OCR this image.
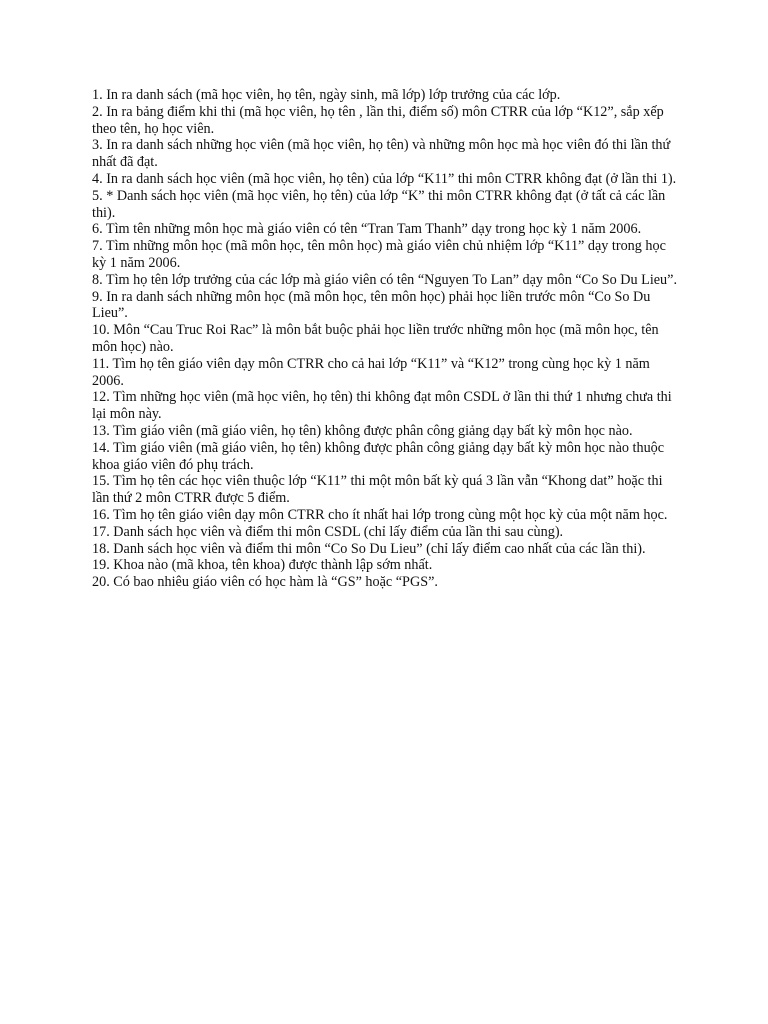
1. In ra danh sách (mã học viên, họ tên, ngày sinh, mã lớp) lớp trưởng của các lớp.

2. In ra bảng điểm khi thi (mã học viên, họ tên , lần thi, điểm số) môn CTRR của lớp “K12”, sắp xếp theo tên, họ học viên.

3. In ra danh sách những học viên (mã học viên, họ tên) và những môn học mà học viên đó thi lần thứ nhất đã đạt.

4. In ra danh sách học viên (mã học viên, họ tên) của lớp “K11” thi môn CTRR không đạt (ở lần thi 1).

5. * Danh sách học viên (mã học viên, họ tên) của lớp “K” thi môn CTRR không đạt (ở tất cả các lần thi).

6. Tìm tên những môn học mà giáo viên có tên “Tran Tam Thanh” dạy trong học kỳ 1 năm 2006.

7. Tìm những môn học (mã môn học, tên môn học) mà giáo viên chủ nhiệm lớp “K11” dạy trong học kỳ 1 năm 2006.

8. Tìm họ tên lớp trưởng của các lớp mà giáo viên có tên “Nguyen To Lan” dạy môn “Co So Du Lieu”.

9. In ra danh sách những môn học (mã môn học, tên môn học) phải học liền trước môn “Co So Du Lieu”.

10. Môn “Cau Truc Roi Rac” là môn bắt buộc phải học liền trước những môn học (mã môn học, tên môn học) nào.

11. Tìm họ tên giáo viên dạy môn CTRR cho cả hai lớp “K11” và “K12” trong cùng học kỳ 1 năm 2006.

12. Tìm những học viên (mã học viên, họ tên) thi không đạt môn CSDL ở lần thi thứ 1 nhưng chưa thi lại môn này.

13. Tìm giáo viên (mã giáo viên, họ tên) không được phân công giảng dạy bất kỳ môn học nào.

14. Tìm giáo viên (mã giáo viên, họ tên) không được phân công giảng dạy bất kỳ môn học nào thuộc khoa giáo viên đó phụ trách.

15. Tìm họ tên các học viên thuộc lớp “K11” thi một môn bất kỳ quá 3 lần vẫn “Khong dat” hoặc thi lần thứ 2 môn CTRR được 5 điểm.

16. Tìm họ tên giáo viên dạy môn CTRR cho ít nhất hai lớp trong cùng một học kỳ của một năm học.

17. Danh sách học viên và điểm thi môn CSDL (chỉ lấy điểm của lần thi sau cùng).

18. Danh sách học viên và điểm thi môn “Co So Du Lieu” (chỉ lấy điểm cao nhất của các lần thi).

19. Khoa nào (mã khoa, tên khoa) được thành lập sớm nhất.

20. Có bao nhiêu giáo viên có học hàm là “GS” hoặc “PGS”.
